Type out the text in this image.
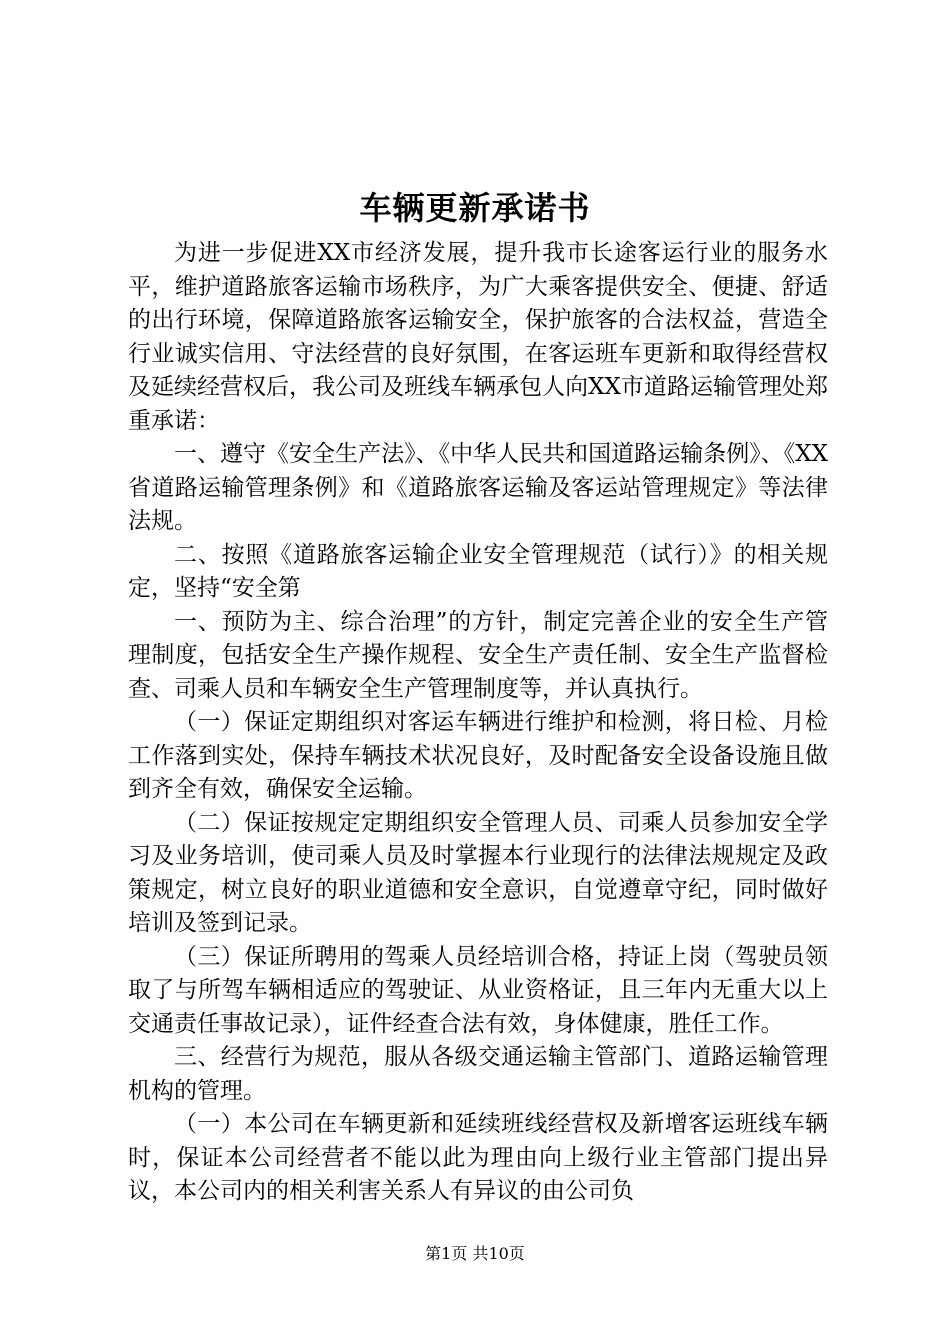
车辆更新承诺书

为进一步促进XX市经济发展，提升我市长途客运行业的服务水平，维护道路旅客运输市场秩序，为广大乘客提供安全、便捷、舒适的出行环境，保障道路旅客运输安全，保护旅客的合法权益，营造全行业诚实信用、守法经营的良好氛围，在客运班车更新和取得经营权及延续经营权后，我公司及班线车辆承包人向XX市道路运输管理处郑重承诺：

一、遵守《安全生产法》、《中华人民共和国道路运输条例》、《XX省道路运输管理条例》和《道路旅客运输及客运站管理规定》等法律法规。

二、按照《道路旅客运输企业安全管理规范（试行）》的相关规定，坚持“安全第

一、预防为主、综合治理”的方针，制定完善企业的安全生产管理制度，包括安全生产操作规程、安全生产责任制、安全生产监督检查、司乘人员和车辆安全生产管理制度等，并认真执行。

（一）保证定期组织对客运车辆进行维护和检测，将日检、月检工作落到实处，保持车辆技术状况良好，及时配备安全设备设施且做到齐全有效，确保安全运输。

（二）保证按规定定期组织安全管理人员、司乘人员参加安全学习及业务培训，使司乘人员及时掌握本行业现行的法律法规规定及政策规定，树立良好的职业道德和安全意识，自觉遵章守纪，同时做好培训及签到记录。

（三）保证所聘用的驾乘人员经培训合格，持证上岗（驾驶员领取了与所驾车辆相适应的驾驶证、从业资格证，且三年内无重大以上交通责任事故记录），证件经查合法有效，身体健康，胜任工作。

三、经营行为规范，服从各级交通运输主管部门、道路运输管理机构的管理。

（一）本公司在车辆更新和延续班线经营权及新增客运班线车辆时，保证本公司经营者不能以此为理由向上级行业主管部门提出异议，本公司内的相关利害关系人有异议的由公司负

第1页 共10页
